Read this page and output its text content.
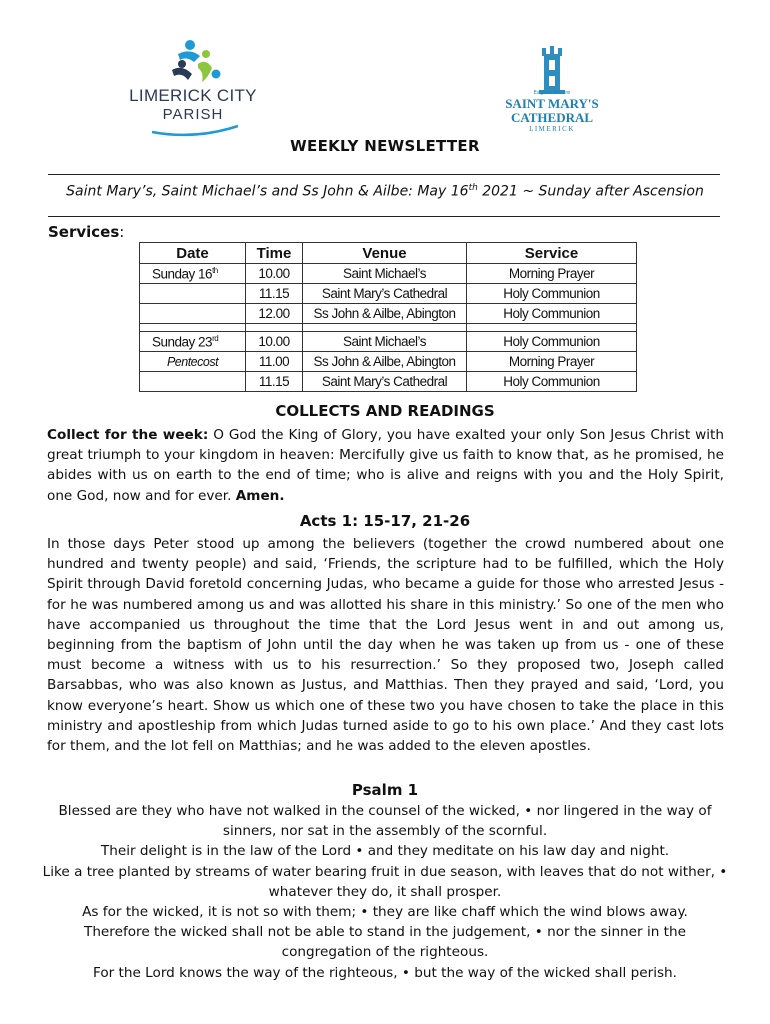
LIMERICK CITY
PARISH
Eaglais Mhuire
SAINT MARY'S
CATHEDRAL
LIMERICK
WEEKLY NEWSLETTER
Saint Mary’s, Saint Michael’s and Ss John & Ailbe: May 16th 2021 ~ Sunday after Ascension
Services:
Date	Time	Venue	Service
Sunday 16th	10.00	Saint Michael’s	Morning Prayer
	11.15	Saint Mary’s Cathedral	Holy Communion
	12.00	Ss John & Ailbe, Abington	Holy Communion

Sunday 23rd	10.00	Saint Michael’s	Holy Communion
Pentecost	11.00	Ss John & Ailbe, Abington	Morning Prayer
	11.15	Saint Mary’s Cathedral	Holy Communion
COLLECTS AND READINGS

Collect for the week: O God the King of Glory, you have exalted your only Son Jesus Christ with great triumph to your kingdom in heaven: Mercifully give us faith to know that, as he promised, he abides with us on earth to the end of time; who is alive and reigns with you and the Holy Spirit, one God, now and for ever. Amen.

Acts 1: 15-17, 21-26

In those days Peter stood up among the believers (together the crowd numbered about one hundred and twenty people) and said, ‘Friends, the scripture had to be fulfilled, which the Holy Spirit through David foretold concerning Judas, who became a guide for those who arrested Jesus - for he was numbered among us and was allotted his share in this ministry.’ So one of the men who have accompanied us throughout the time that the Lord Jesus went in and out among us, beginning from the baptism of John until the day when he was taken up from us - one of these must become a witness with us to his resurrection.’ So they proposed two, Joseph called Barsabbas, who was also known as Justus, and Matthias. Then they prayed and said, ‘Lord, you know everyone’s heart. Show us which one of these two you have chosen to take the place in this ministry and apostleship from which Judas turned aside to go to his own place.’ And they cast lots for them, and the lot fell on Matthias; and he was added to the eleven apostles.

Psalm 1
Blessed are they who have not walked in the counsel of the wicked, • nor lingered in the way of sinners, nor sat in the assembly of the scornful.
Their delight is in the law of the Lord • and they meditate on his law day and night.
Like a tree planted by streams of water bearing fruit in due season, with leaves that do not wither, • whatever they do, it shall prosper.
As for the wicked, it is not so with them; • they are like chaff which the wind blows away.
Therefore the wicked shall not be able to stand in the judgement, • nor the sinner in the congregation of the righteous.
For the Lord knows the way of the righteous, • but the way of the wicked shall perish.
